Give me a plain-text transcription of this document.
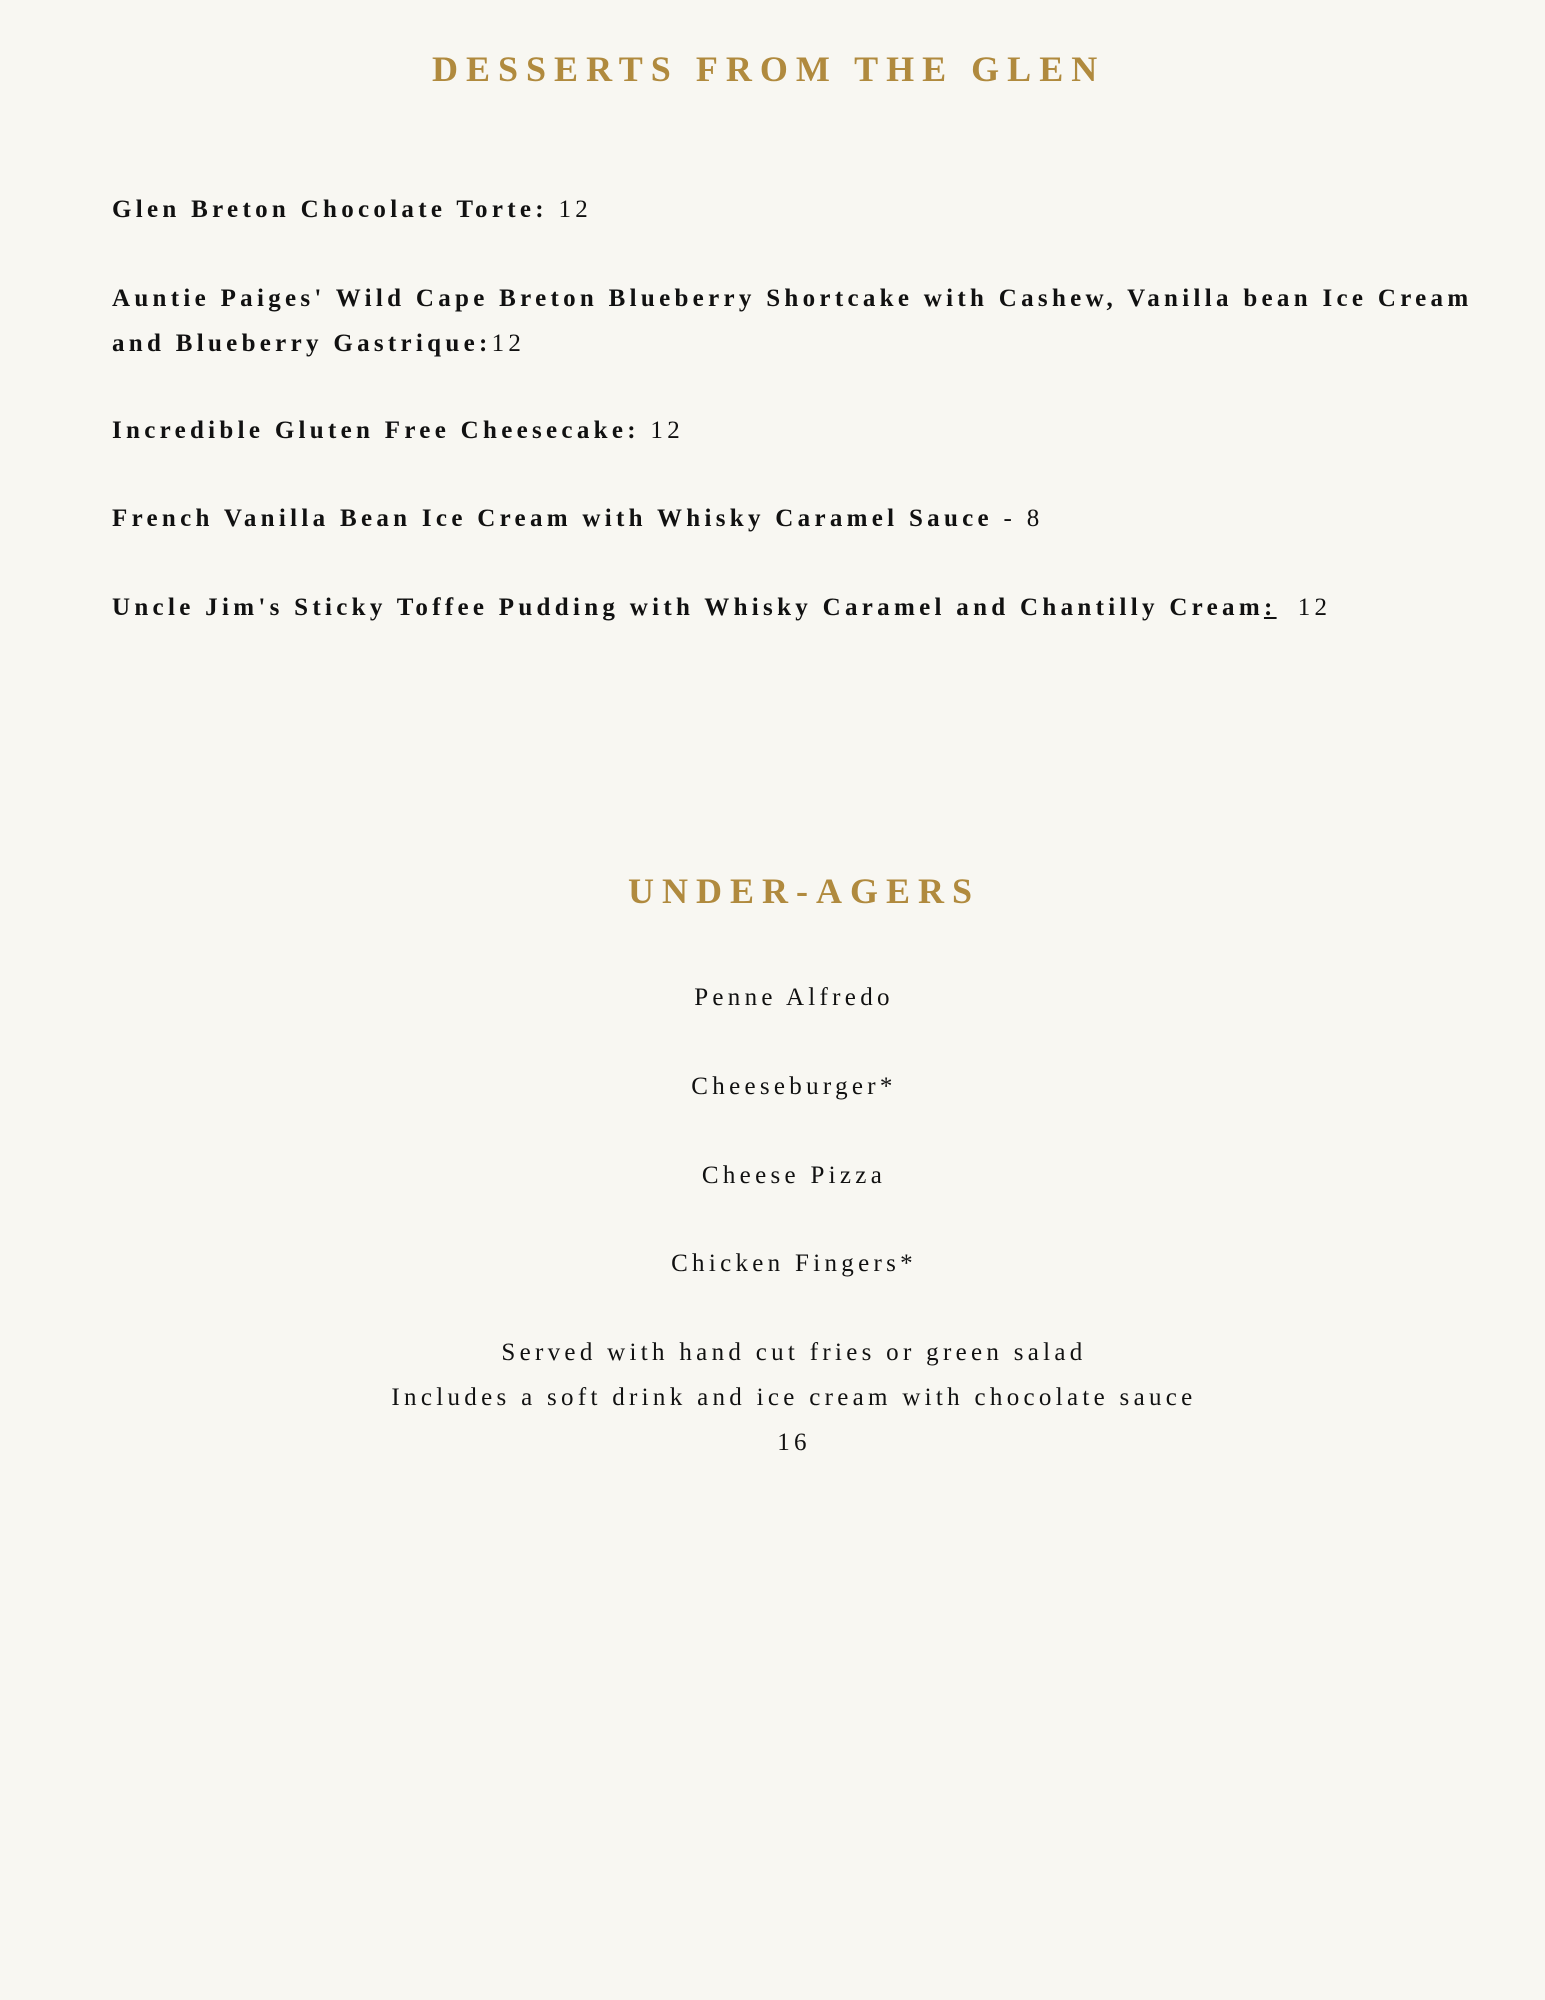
DESSERTS FROM THE GLEN

Glen Breton Chocolate Torte: 12

Auntie Paiges' Wild Cape Breton Blueberry Shortcake with Cashew, Vanilla bean Ice Cream and Blueberry Gastrique:12

Incredible Gluten Free Cheesecake: 12

French Vanilla Bean Ice Cream with Whisky Caramel Sauce - 8

Uncle Jim's Sticky Toffee Pudding with Whisky Caramel and Chantilly Cream:  12

UNDER-AGERS

Penne Alfredo

Cheeseburger*

Cheese Pizza

Chicken Fingers*

Served with hand cut fries or green salad

Includes a soft drink and ice cream with chocolate sauce

16
